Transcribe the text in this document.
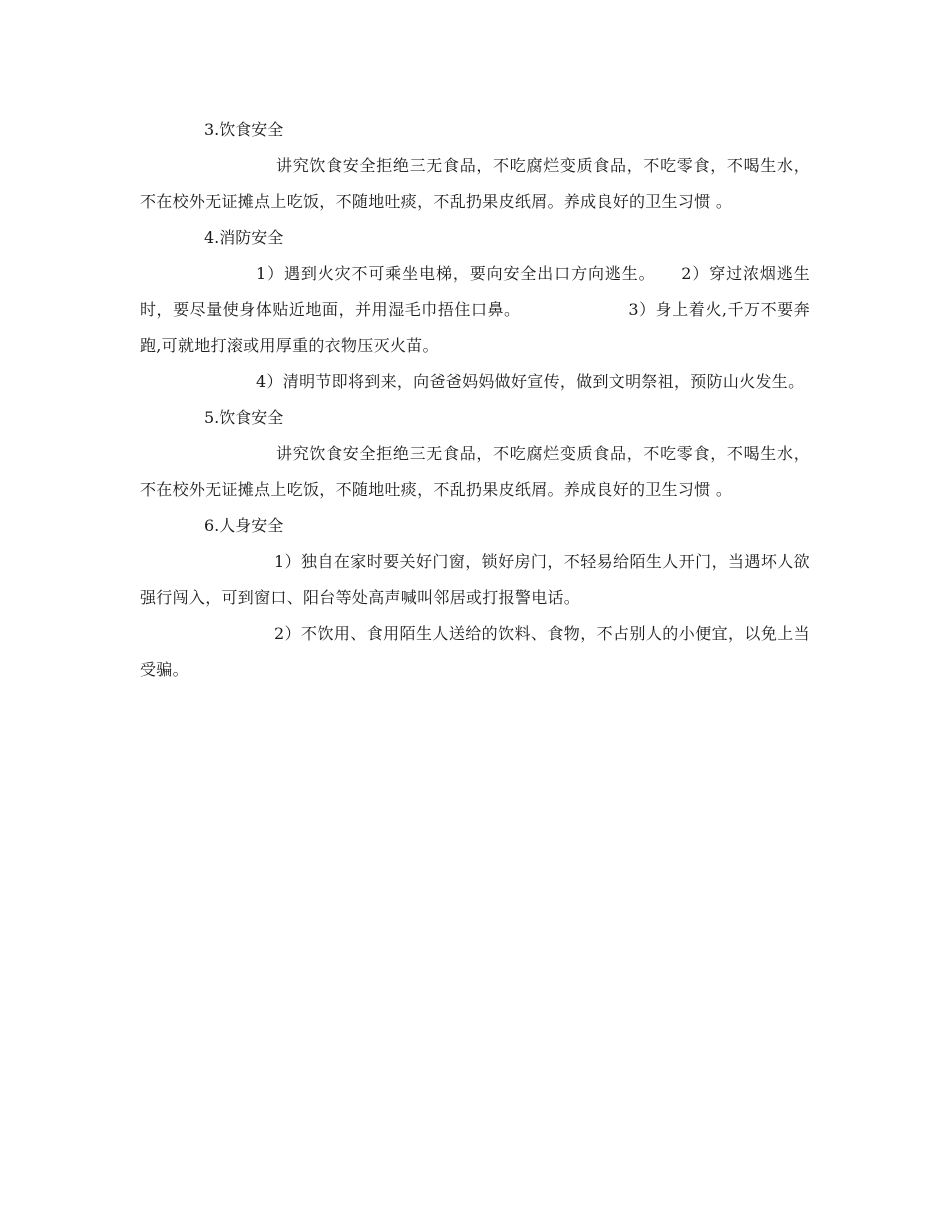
3.饮食安全
讲究饮食安全拒绝三无食品，不吃腐烂变质食品，不吃零食，不喝生水，不在校外无证摊点上吃饭，不随地吐痰，不乱扔果皮纸屑。养成良好的卫生习惯 。
4.消防安全
1）遇到火灾不可乘坐电梯，要向安全出口方向逃生。　　2）穿过浓烟逃生时，要尽量使身体贴近地面，并用湿毛巾捂住口鼻。　　　　　　　3）身上着火,千万不要奔跑,可就地打滚或用厚重的衣物压灭火苗。
4）清明节即将到来，向爸爸妈妈做好宣传，做到文明祭祖，预防山火发生。
5.饮食安全
讲究饮食安全拒绝三无食品，不吃腐烂变质食品，不吃零食，不喝生水，不在校外无证摊点上吃饭，不随地吐痰，不乱扔果皮纸屑。养成良好的卫生习惯 。
6.人身安全
1）独自在家时要关好门窗，锁好房门，不轻易给陌生人开门，当遇坏人欲强行闯入，可到窗口、阳台等处高声喊叫邻居或打报警电话。
2）不饮用、食用陌生人送给的饮料、食物，不占别人的小便宜，以免上当受骗。
